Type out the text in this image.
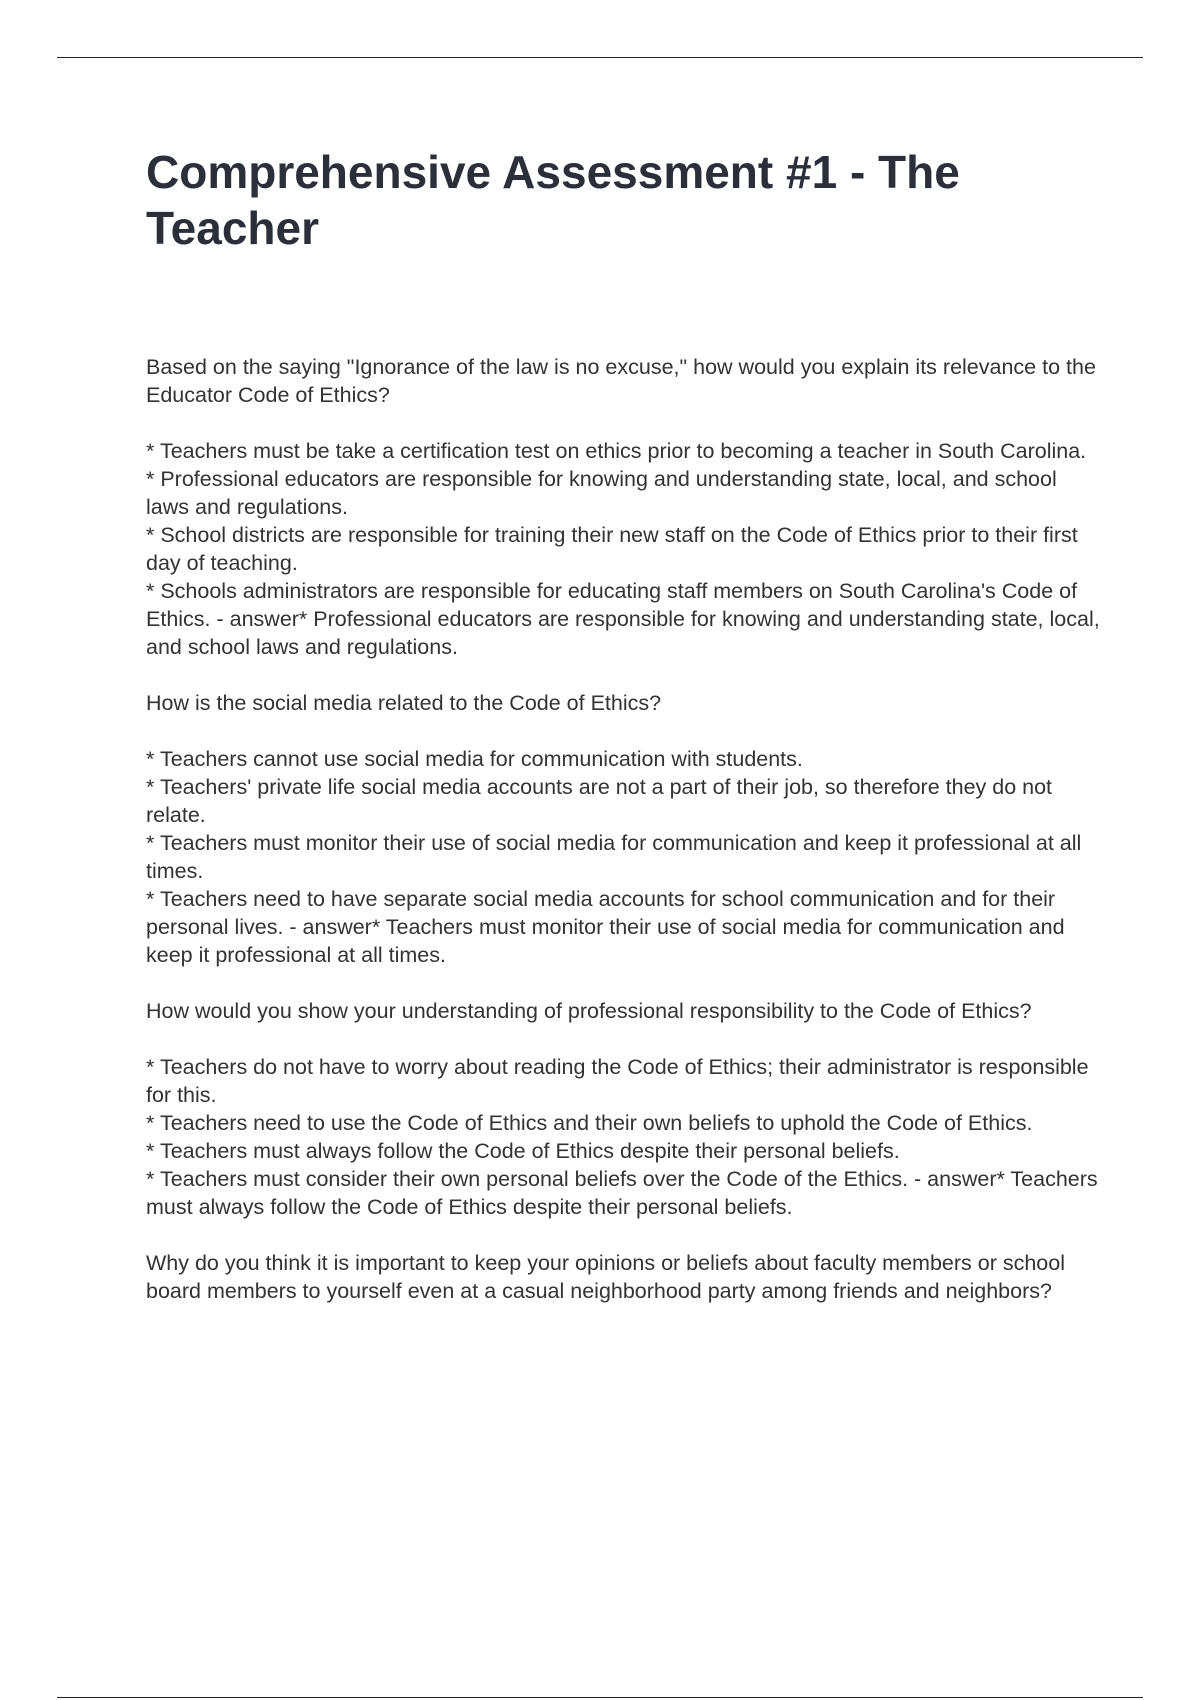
Comprehensive Assessment #1 - The Teacher
Based on the saying "Ignorance of the law is no excuse," how would you explain its relevance to the Educator Code of Ethics?
* Teachers must be take a certification test on ethics prior to becoming a teacher in South Carolina.
* Professional educators are responsible for knowing and understanding state, local, and school laws and regulations.
* School districts are responsible for training their new staff on the Code of Ethics prior to their first day of teaching.
* Schools administrators are responsible for educating staff members on South Carolina's Code of Ethics. - answer* Professional educators are responsible for knowing and understanding state, local, and school laws and regulations.
How is the social media related to the Code of Ethics?
* Teachers cannot use social media for communication with students.
* Teachers' private life social media accounts are not a part of their job, so therefore they do not relate.
* Teachers must monitor their use of social media for communication and keep it professional at all times.
* Teachers need to have separate social media accounts for school communication and for their personal lives. - answer* Teachers must monitor their use of social media for communication and keep it professional at all times.
How would you show your understanding of professional responsibility to the Code of Ethics?
* Teachers do not have to worry about reading the Code of Ethics; their administrator is responsible for this.
* Teachers need to use the Code of Ethics and their own beliefs to uphold the Code of Ethics.
* Teachers must always follow the Code of Ethics despite their personal beliefs.
* Teachers must consider their own personal beliefs over the Code of the Ethics. - answer* Teachers must always follow the Code of Ethics despite their personal beliefs.
Why do you think it is important to keep your opinions or beliefs about faculty members or school board members to yourself even at a casual neighborhood party among friends and neighbors?
